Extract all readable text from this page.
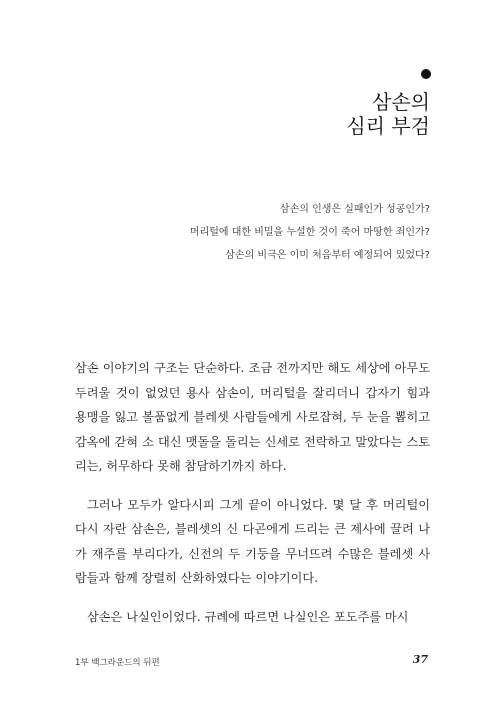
삼손의
심리 부검
삼손의 인생은 실패인가 성공인가?
머리털에 대한 비밀을 누설한 것이 죽어 마땅한 죄인가?
삼손의 비극은 이미 처음부터 예정되어 있었다?

삼손 이야기의 구조는 단순하다. 조금 전까지만 해도 세상에 아무도 두려울 것이 없었던 용사 삼손이, 머리털을 잘리더니 갑자기 힘과 용맹을 잃고 볼품없게 블레셋 사람들에게 사로잡혀, 두 눈을 뽑히고 감옥에 갇혀 소 대신 맷돌을 돌리는 신세로 전락하고 말았다는 스토리는, 허무하다 못해 참담하기까지 하다.

그러나 모두가 알다시피 그게 끝이 아니었다. 몇 달 후 머리털이 다시 자란 삼손은, 블레셋의 신 다곤에게 드리는 큰 제사에 끌려 나가 재주를 부리다가, 신전의 두 기둥을 무너뜨려 수많은 블레셋 사람들과 함께 장렬히 산화하였다는 이야기이다.

삼손은 나실인이었다. 규례에 따르면 나실인은 포도주를 마시

1부 백그라운드의 뒤편	37
